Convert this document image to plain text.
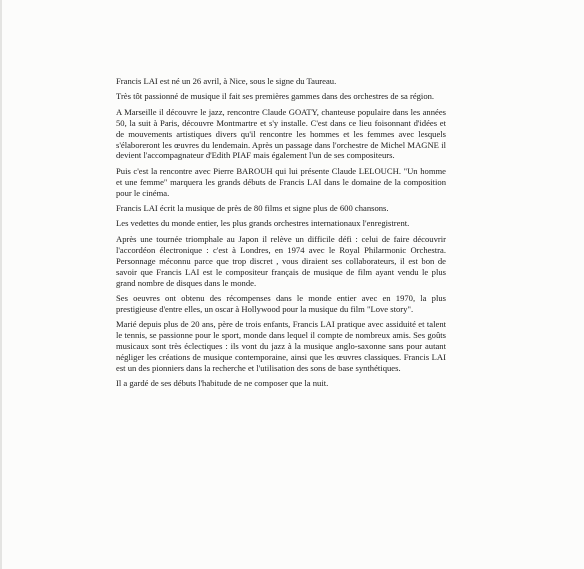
Francis LAI est né un 26 avril, à Nice, sous le signe du Taureau.

Très tôt passionné de musique il fait ses premières gammes dans des orchestres de sa région.

A Marseille il découvre le jazz, rencontre Claude GOATY, chanteuse populaire dans les années 50, la suit à Paris, découvre Montmartre et s'y installe. C'est dans ce lieu foisonnant d'idées et de mouvements artistiques divers qu'il rencontre les hommes et les femmes avec lesquels s'élaboreront les œuvres du lendemain. Après un passage dans l'orchestre de Michel MAGNE il devient l'accompagnateur d'Edith PIAF mais également l'un de ses compositeurs.

Puis c'est la rencontre avec Pierre BAROUH qui lui présente Claude LELOUCH. "Un homme et une femme" marquera les grands débuts de Francis LAI dans le domaine de la composition pour le cinéma.

Francis LAI écrit la musique de près de 80 films et signe plus de 600 chansons.

Les vedettes du monde entier, les plus grands orchestres internationaux l'enregistrent.

Après une tournée triomphale au Japon il relève un difficile défi : celui de faire découvrir l'accordéon électronique : c'est à Londres, en 1974 avec le Royal Philarmonic Orchestra. Personnage méconnu parce que trop discret , vous diraient ses collaborateurs, il est bon de savoir que Francis LAI est le compositeur français de musique de film ayant vendu le plus grand nombre de disques dans le monde.

Ses oeuvres ont obtenu des récompenses dans le monde entier avec en 1970, la plus prestigieuse d'entre elles, un oscar à Hollywood pour la musique du film "Love story".

Marié depuis plus de 20 ans, père de trois enfants, Francis LAI pratique avec assiduité et talent le tennis, se passionne pour le sport, monde dans lequel il compte de nombreux amis. Ses goûts musicaux sont très éclectiques : ils vont du jazz à la musique anglo-saxonne sans pour autant négliger les créations de musique contemporaine, ainsi que les œuvres classiques. Francis LAI est un des pionniers dans la recherche et l'utilisation des sons de base synthétiques.

Il a gardé de ses débuts l'habitude de ne composer que la nuit.
